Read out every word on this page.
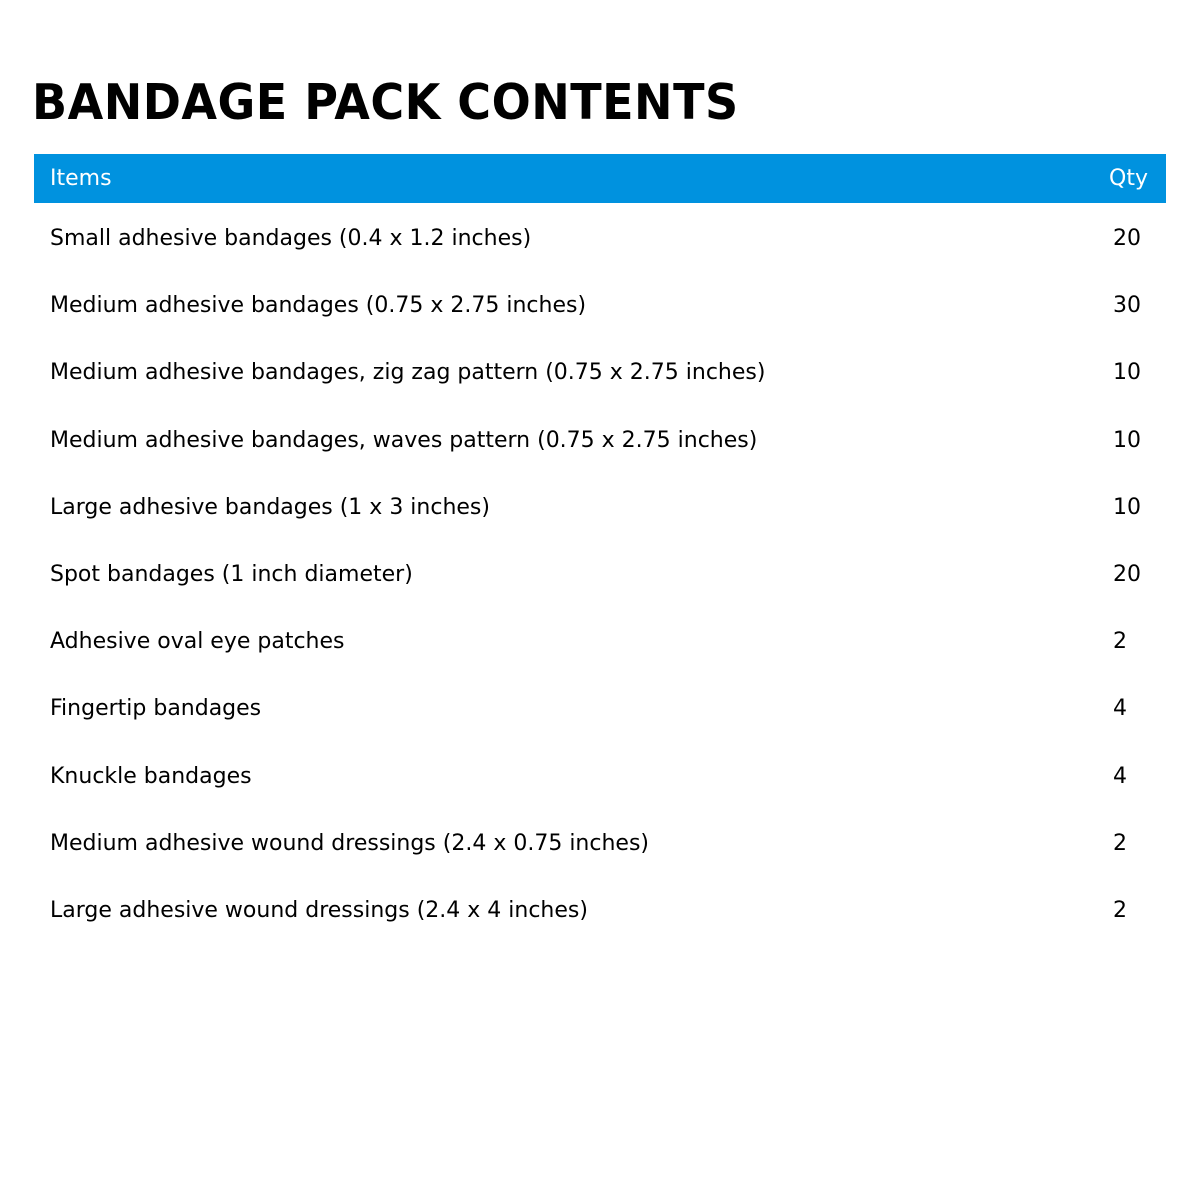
BANDAGE PACK CONTENTS
Items	Qty
Small adhesive bandages (0.4 x 1.2 inches)	20
Medium adhesive bandages (0.75 x 2.75 inches)	30
Medium adhesive bandages, zig zag pattern (0.75 x 2.75 inches)	10
Medium adhesive bandages, waves pattern (0.75 x 2.75 inches)	10
Large adhesive bandages (1 x 3 inches)	10
Spot bandages (1 inch diameter)	20
Adhesive oval eye patches	2
Fingertip bandages	4
Knuckle bandages	4
Medium adhesive wound dressings (2.4 x 0.75 inches)	2
Large adhesive wound dressings (2.4 x 4 inches)	2
